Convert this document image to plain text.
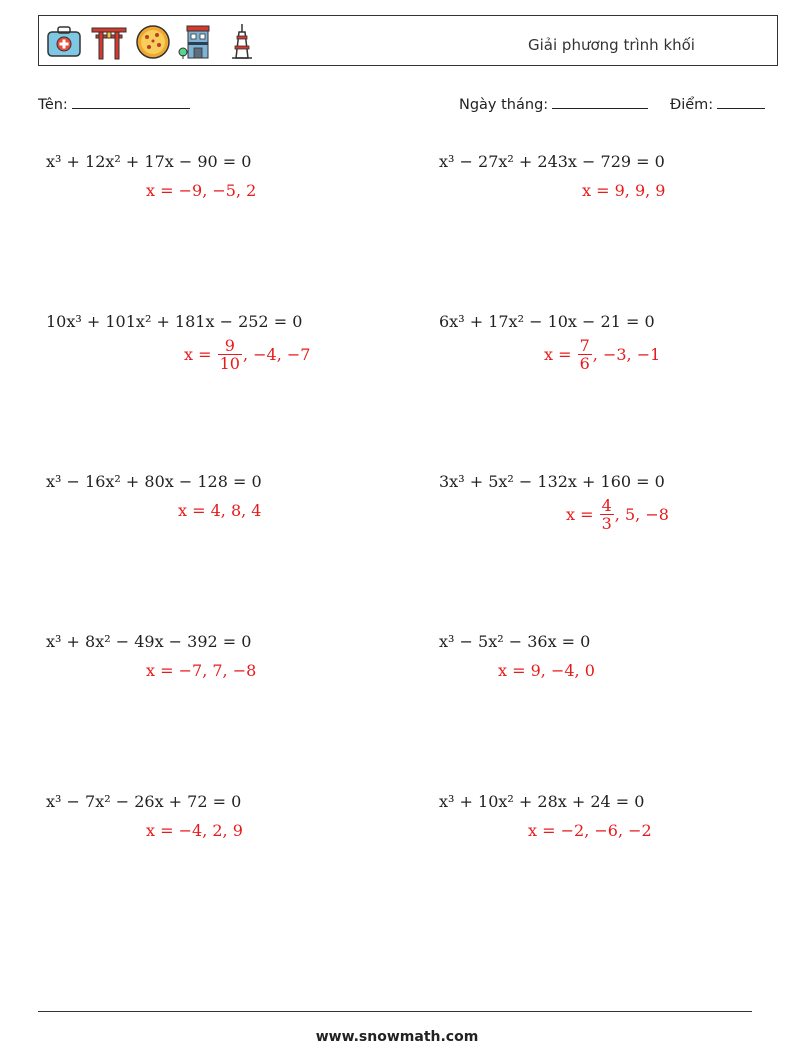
Giải phương trình khối
Tên:	Ngày tháng:	Điểm:
x³ + 12x² + 17x − 90 = 0
x = −9, −5, 2
x³ − 27x² + 243x − 729 = 0
x = 9, 9, 9
10x³ + 101x² + 181x − 252 = 0
x =
$\frac{9}{10}$ , −4, −7
6x³ + 17x² − 10x − 21 = 0
x =
$\frac{7}{6}$ , −3, −1
x³ − 16x² + 80x − 128 = 0
x = 4, 8, 4
3x³ + 5x² − 132x + 160 = 0
x =
$\frac{4}{3}$ , 5, −8
x³ + 8x² − 49x − 392 = 0
x = −7, 7, −8
x³ − 5x² − 36x = 0
x = 9, −4, 0
x³ − 7x² − 26x + 72 = 0
x = −4, 2, 9
x³ + 10x² + 28x + 24 = 0
x = −2, −6, −2
www.snowmath.com
